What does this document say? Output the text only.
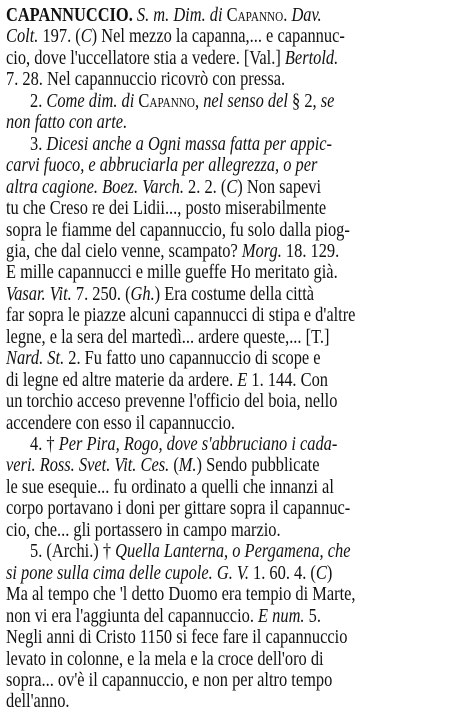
CAPANNUCCIO. S. m. Dim. di Capanno. Dav.
Colt. 197. (C) Nel mezzo la capanna,... e capannuc-
cio, dove l'uccellatore stia a vedere. [Val.] Bertold.
7. 28. Nel capannuccio ricovrò con pressa.
2. Come dim. di Capanno, nel senso del § 2, se
non fatto con arte.
3. Dicesi anche a Ogni massa fatta per appic-
carvi fuoco, e abbruciarla per allegrezza, o per
altra cagione. Boez. Varch. 2. 2. (C) Non sapevi
tu che Creso re dei Lidii..., posto miserabilmente
sopra le fiamme del capannuccio, fu solo dalla piog-
gia, che dal cielo venne, scampato? Morg. 18. 129.
E mille capannucci e mille gueffe Ho meritato già.
Vasar. Vit. 7. 250. (Gh.) Era costume della città
far sopra le piazze alcuni capannucci di stipa e d'altre
legne, e la sera del martedì... ardere queste,... [T.]
Nard. St. 2. Fu fatto uno capannuccio di scope e
di legne ed altre materie da ardere. E 1. 144. Con
un torchio acceso prevenne l'officio del boia, nello
accendere con esso il capannuccio.
4. † Per Pira, Rogo, dove s'abbruciano i cada-
veri. Ross. Svet. Vit. Ces. (M.) Sendo pubblicate
le sue esequie... fu ordinato a quelli che innanzi al
corpo portavano i doni per gittare sopra il capannuc-
cio, che... gli portassero in campo marzio.
5. (Archi.) † Quella Lanterna, o Pergamena, che
si pone sulla cima delle cupole. G. V. 1. 60. 4. (C)
Ma al tempo che 'l detto Duomo era tempio di Marte,
non vi era l'aggiunta del capannuccio. E num. 5.
Negli anni di Cristo 1150 si fece fare il capannuccio
levato in colonne, e la mela e la croce dell'oro di
sopra... ov'è il capannuccio, e non per altro tempo
dell'anno.
